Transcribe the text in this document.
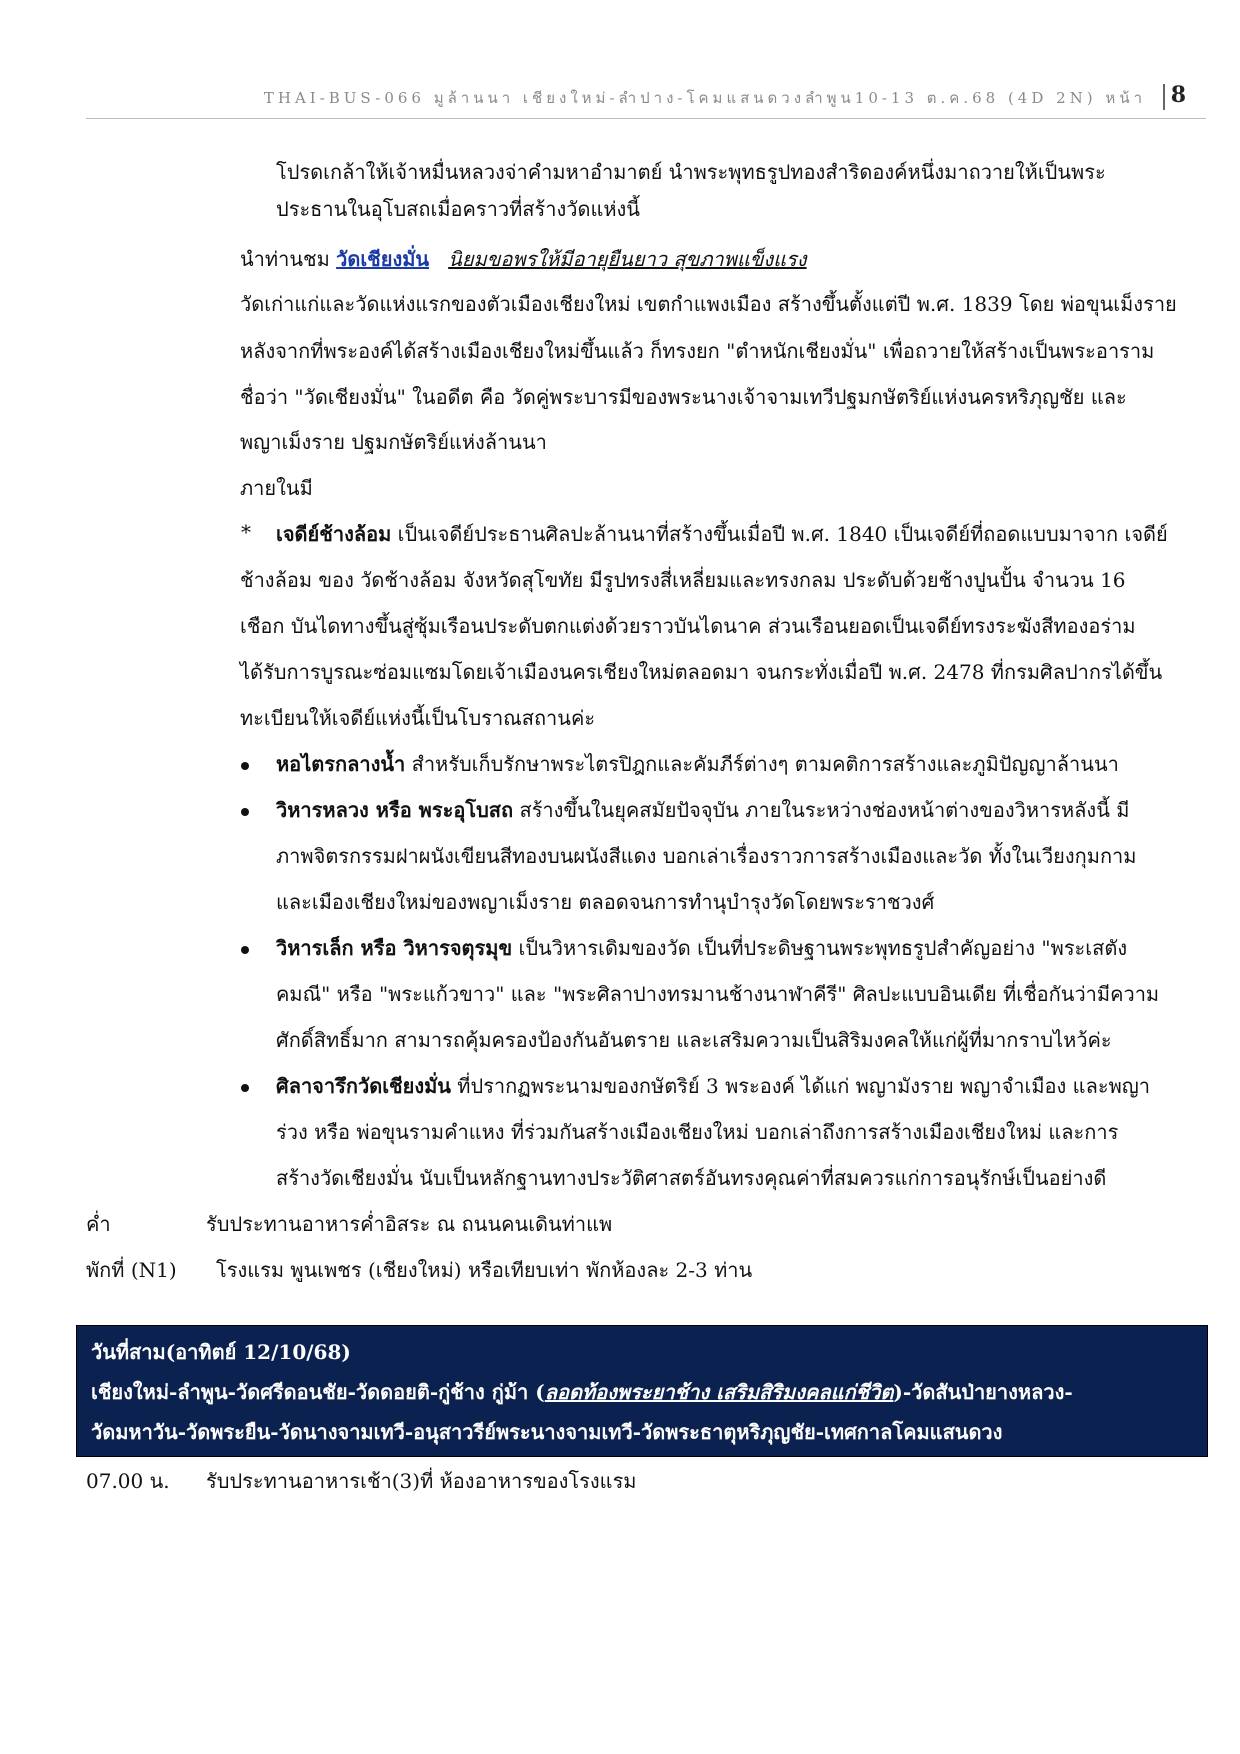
THAI-BUS-066 มูล้านนา เชียงใหม่-ลำปาง-โคมแสนดวงลำพูน10-13 ต.ค.68 (4D 2N) หน้า 8
โปรดเกล้าให้เจ้าหมื่นหลวงจ่าคำมหาอำมาตย์ นำพระพุทธรูปทองสำริดองค์หนึ่งมาถวายให้เป็นพระ
ประธานในอุโบสถเมื่อคราวที่สร้างวัดแห่งนี้
นำท่านชม วัดเชียงมั่น นิยมขอพรให้มีอายุยืนยาว สุขภาพแข็งแรง
วัดเก่าแก่และวัดแห่งแรกของตัวเมืองเชียงใหม่ เขตกำแพงเมือง สร้างขึ้นตั้งแต่ปี พ.ศ. 1839 โดย พ่อขุนเม็งราย
หลังจากที่พระองค์ได้สร้างเมืองเชียงใหม่ขึ้นแล้ว ก็ทรงยก "ตำหนักเชียงมั่น" เพื่อถวายให้สร้างเป็นพระอาราม
ชื่อว่า "วัดเชียงมั่น" ในอดีต คือ วัดคู่พระบารมีของพระนางเจ้าจามเทวีปฐมกษัตริย์แห่งนครหริภุญชัย และ
พญาเม็งราย ปฐมกษัตริย์แห่งล้านนา
ภายในมี
* เจดีย์ช้างล้อม เป็นเจดีย์ประธานศิลปะล้านนาที่สร้างขึ้นเมื่อปี พ.ศ. 1840 เป็นเจดีย์ที่ถอดแบบมาจาก เจดีย์
ช้างล้อม ของ วัดช้างล้อม จังหวัดสุโขทัย มีรูปทรงสี่เหลี่ยมและทรงกลม ประดับด้วยช้างปูนปั้น จำนวน 16
เชือก บันไดทางขึ้นสู่ซุ้มเรือนประดับตกแต่งด้วยราวบันไดนาค ส่วนเรือนยอดเป็นเจดีย์ทรงระฆังสีทองอร่าม
ได้รับการบูรณะซ่อมแซมโดยเจ้าเมืองนครเชียงใหม่ตลอดมา จนกระทั่งเมื่อปี พ.ศ. 2478 ที่กรมศิลปากรได้ขึ้น
ทะเบียนให้เจดีย์แห่งนี้เป็นโบราณสถานค่ะ
หอไตรกลางน้ำ สำหรับเก็บรักษาพระไตรปิฎกและคัมภีร์ต่างๆ ตามคติการสร้างและภูมิปัญญาล้านนา
วิหารหลวง หรือ พระอุโบสถ สร้างขึ้นในยุคสมัยปัจจุบัน ภายในระหว่างช่องหน้าต่างของวิหารหลังนี้ มี
ภาพจิตรกรรมฝาผนังเขียนสีทองบนผนังสีแดง บอกเล่าเรื่องราวการสร้างเมืองและวัด ทั้งในเวียงกุมกาม
และเมืองเชียงใหม่ของพญาเม็งราย ตลอดจนการทำนุบำรุงวัดโดยพระราชวงศ์
วิหารเล็ก หรือ วิหารจตุรมุข เป็นวิหารเดิมของวัด เป็นที่ประดิษฐานพระพุทธรูปสำคัญอย่าง "พระเสตัง
คมณี" หรือ "พระแก้วขาว" และ "พระศิลาปางทรมานช้างนาฬาคีรี" ศิลปะแบบอินเดีย ที่เชื่อกันว่ามีความ
ศักดิ์สิทธิ์มาก สามารถคุ้มครองป้องกันอันตราย และเสริมความเป็นสิริมงคลให้แก่ผู้ที่มากราบไหว้ค่ะ
ศิลาจารึกวัดเชียงมั่น ที่ปรากฏพระนามของกษัตริย์ 3 พระองค์ ได้แก่ พญามังราย พญาจำเมือง และพญา
ร่วง หรือ พ่อขุนรามคำแหง ที่ร่วมกันสร้างเมืองเชียงใหม่ บอกเล่าถึงการสร้างเมืองเชียงใหม่ และการ
สร้างวัดเชียงมั่น นับเป็นหลักฐานทางประวัติศาสตร์อันทรงคุณค่าที่สมควรแก่การอนุรักษ์เป็นอย่างดี
ค่ำ	รับประทานอาหารค่ำอิสระ ณ ถนนคนเดินท่าแพ
พักที่ (N1) โรงแรม พูนเพชร (เชียงใหม่) หรือเทียบเท่า พักห้องละ 2-3 ท่าน
วันที่สาม(อาทิตย์ 12/10/68)
เชียงใหม่-ลำพูน-วัดศรีดอนชัย-วัดดอยติ-กู่ช้าง กู่ม้า (ลอดท้องพระยาช้าง เสริมสิริมงคลแก่ชีวิต)-วัดสันป่ายางหลวง-
วัดมหาวัน-วัดพระยืน-วัดนางจามเทวี-อนุสาวรีย์พระนางจามเทวี-วัดพระธาตุหริภุญชัย-เทศกาลโคมแสนดวง
07.00 น. รับประทานอาหารเช้า(3)ที่ ห้องอาหารของโรงแรม
